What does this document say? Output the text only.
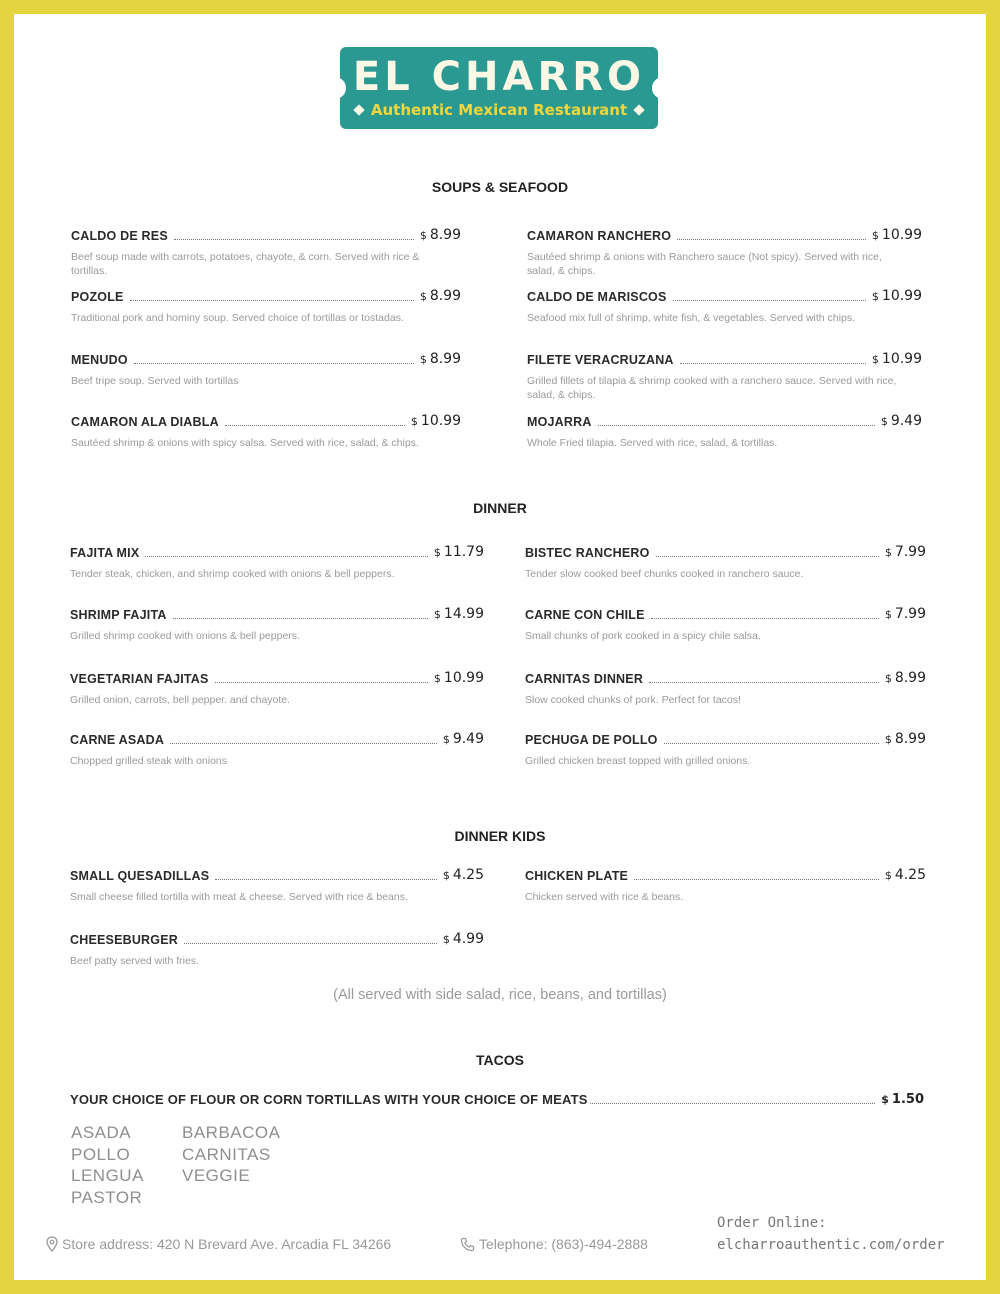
EL CHARRO
Authentic Mexican Restaurant
SOUPS & SEAFOOD
CALDO DE RES	$ 8.99
Beef soup made with carrots, potatoes, chayote, & corn. Served with rice & tortillas.
POZOLE	$ 8.99
Traditional pork and hominy soup. Served choice of tortillas or tostadas.
MENUDO	$ 8.99
Beef tripe soup. Served with tortillas
CAMARON ALA DIABLA	$ 10.99
Sautéed shrimp & onions with spicy salsa. Served with rice, salad, & chips.
CAMARON RANCHERO	$ 10.99
Sautéed shrimp & onions with Ranchero sauce (Not spicy). Served with rice, salad, & chips.
CALDO DE MARISCOS	$ 10.99
Seafood mix full of shrimp, white fish, & vegetables. Served with chips.
FILETE VERACRUZANA	$ 10.99
Grilled fillets of tilapia & shrimp cooked with a ranchero sauce. Served with rice, salad, & chips.
MOJARRA	$ 9.49
Whole Fried tilapia. Served with rice, salad, & tortillas.
DINNER
FAJITA MIX	$ 11.79
Tender steak, chicken, and shrimp cooked with onions & bell peppers.
SHRIMP FAJITA	$ 14.99
Grilled shrimp cooked with onions & bell peppers.
VEGETARIAN FAJITAS	$ 10.99
Grilled onion, carrots, bell pepper. and chayote.
CARNE ASADA	$ 9.49
Chopped grilled steak with onions
BISTEC RANCHERO	$ 7.99
Tender slow cooked beef chunks cooked in ranchero sauce.
CARNE CON CHILE	$ 7.99
Small chunks of pork cooked in a spicy chile salsa.
CARNITAS DINNER	$ 8.99
Slow cooked chunks of pork. Perfect for tacos!
PECHUGA DE POLLO	$ 8.99
Grilled chicken breast topped with grilled onions.
DINNER KIDS
SMALL QUESADILLAS	$ 4.25
Small cheese filled tortilla with meat & cheese. Served with rice & beans.
CHEESEBURGER	$ 4.99
Beef patty served with fries.
CHICKEN PLATE	$ 4.25
Chicken served with rice & beans.
(All served with side salad, rice, beans, and tortillas)
TACOS
YOUR CHOICE OF FLOUR OR CORN TORTILLAS WITH YOUR CHOICE OF MEATS	$ 1.50
ASADA
POLLO
LENGUA
PASTOR
BARBACOA
CARNITAS
VEGGIE
Store address: 420 N Brevard Ave. Arcadia FL 34266	Telephone: (863)-494-2888
Order Online:
elcharroauthentic.com/order
